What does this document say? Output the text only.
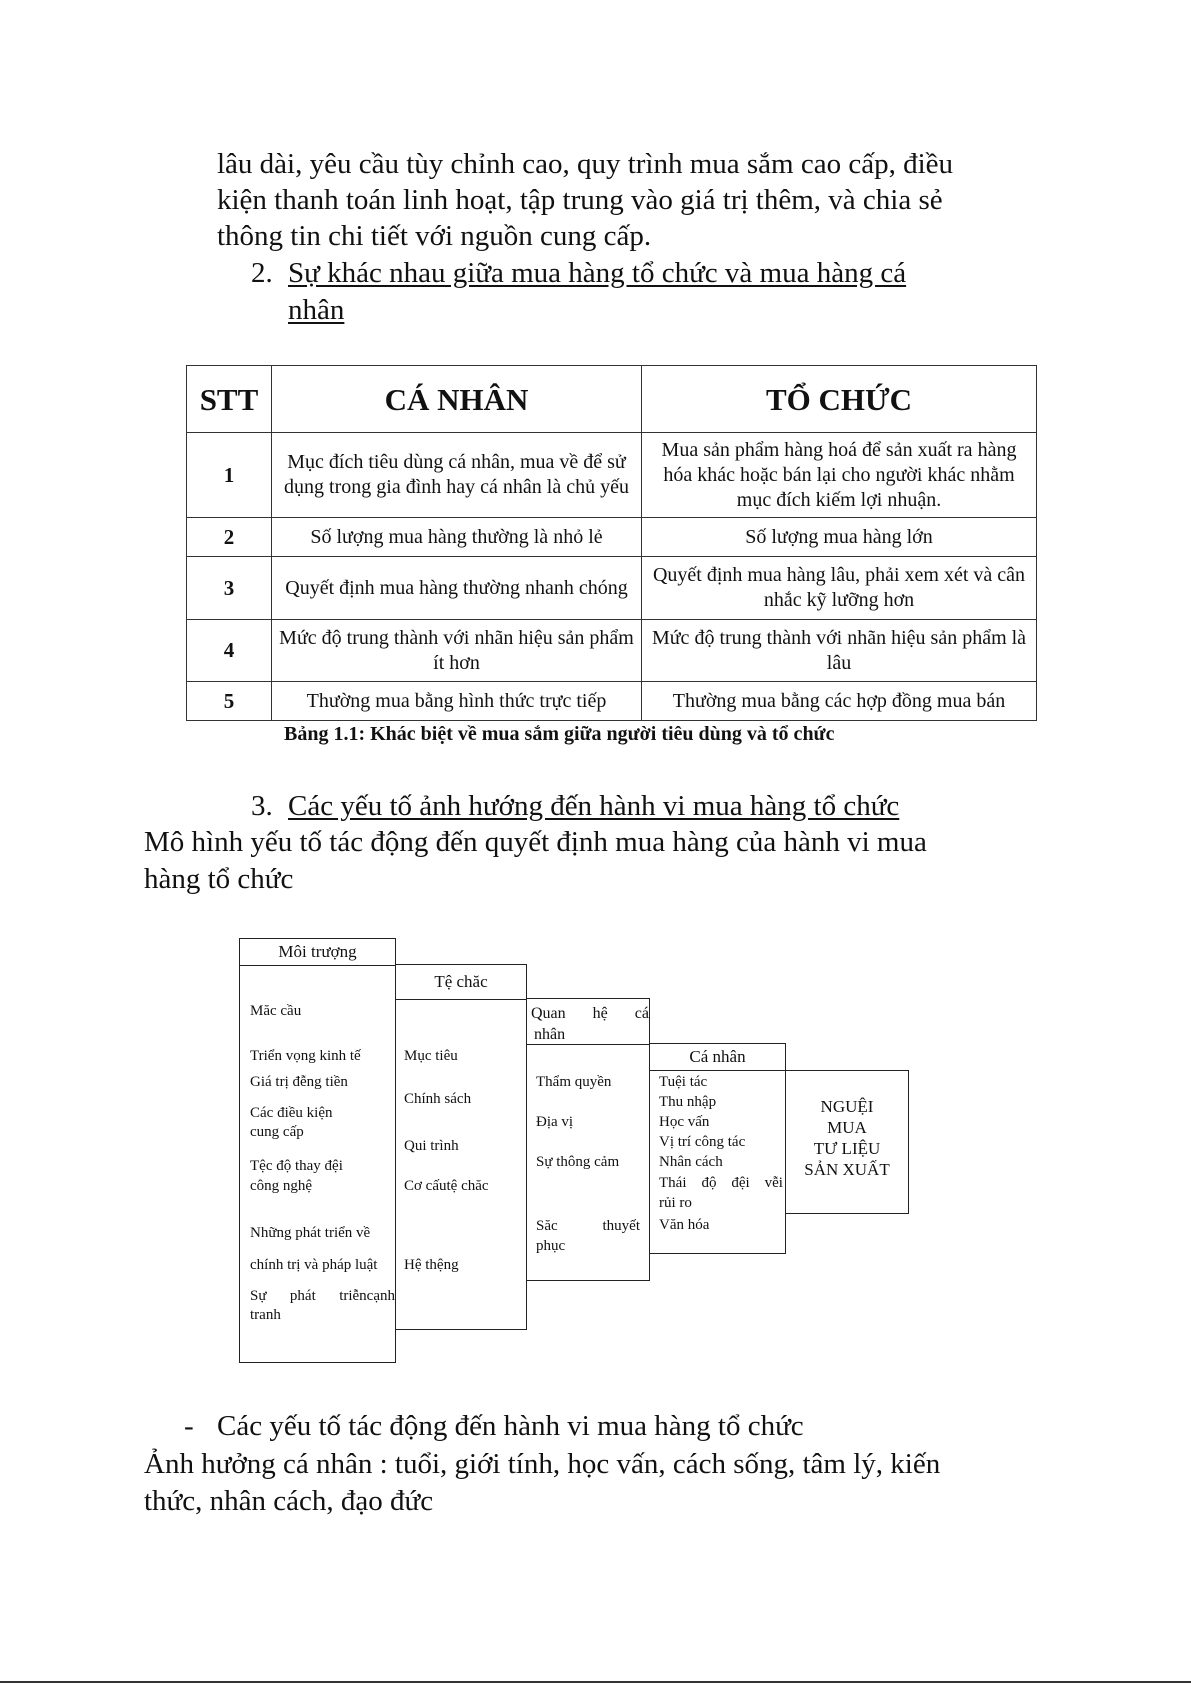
lâu dài, yêu cầu tùy chỉnh cao, quy trình mua sắm cao cấp, điều
kiện thanh toán linh hoạt, tập trung vào giá trị thêm, và chia sẻ
thông tin chi tiết với nguồn cung cấp.
2. Sự khác nhau giữa mua hàng tổ chức và mua hàng cá
nhân
STT	CÁ NHÂN	TỔ CHỨC
1	Mục đích tiêu dùng cá nhân, mua về để sử dụng trong gia đình hay cá nhân là chủ yếu	Mua sản phẩm hàng hoá để sản xuất ra hàng hóa khác hoặc bán lại cho người khác nhằm mục đích kiếm lợi nhuận.
2	Số lượng mua hàng thường là nhỏ lẻ	Số lượng mua hàng lớn
3	Quyết định mua hàng thường nhanh chóng	Quyết định mua hàng lâu, phải xem xét và cân nhắc kỹ lưỡng hơn
4	Mức độ trung thành với nhãn hiệu sản phẩm ít hơn	Mức độ trung thành với nhãn hiệu sản phẩm là lâu
5	Thường mua bằng hình thức trực tiếp	Thường mua bằng các hợp đồng mua bán
Bảng 1.1: Khác biệt về mua sắm giữa người tiêu dùng và tổ chức
3. Các yếu tố ảnh hướng đến hành vi mua hàng tổ chức
Mô hình yếu tố tác động đến quyết định mua hàng của hành vi mua
hàng tổ chức
Môi trượng
Măc cầu
Triển vọng kinh tế
Giá trị đễng tiền
Các điều kiện
cung cấp
Tệc độ thay đệi
công nghệ
Những phát triển về
chính trị và pháp luật
Sự phát triễncạnh
tranh
Tệ chăc
Mục tiêu
Chính sách
Qui trình
Cơ cấutệ chăc
Hệ thệng
Quan hệ cá
nhân
Thẩm quyền
Địa vị
Sự thông cảm
Săc	thuyết
phục
Cá nhân
Tuệi tác
Thu nhập
Học vấn
Vị trí công tác
Nhân cách
Thái độ đệi vễi
rủi ro
Văn hóa
NGUỆI
MUA
TƯ LIỆU
SẢN XUẤT
- Các yếu tố tác động đến hành vi mua hàng tổ chức
Ảnh hưởng cá nhân : tuổi, giới tính, học vấn, cách sống, tâm lý, kiến
thức, nhân cách, đạo đức
